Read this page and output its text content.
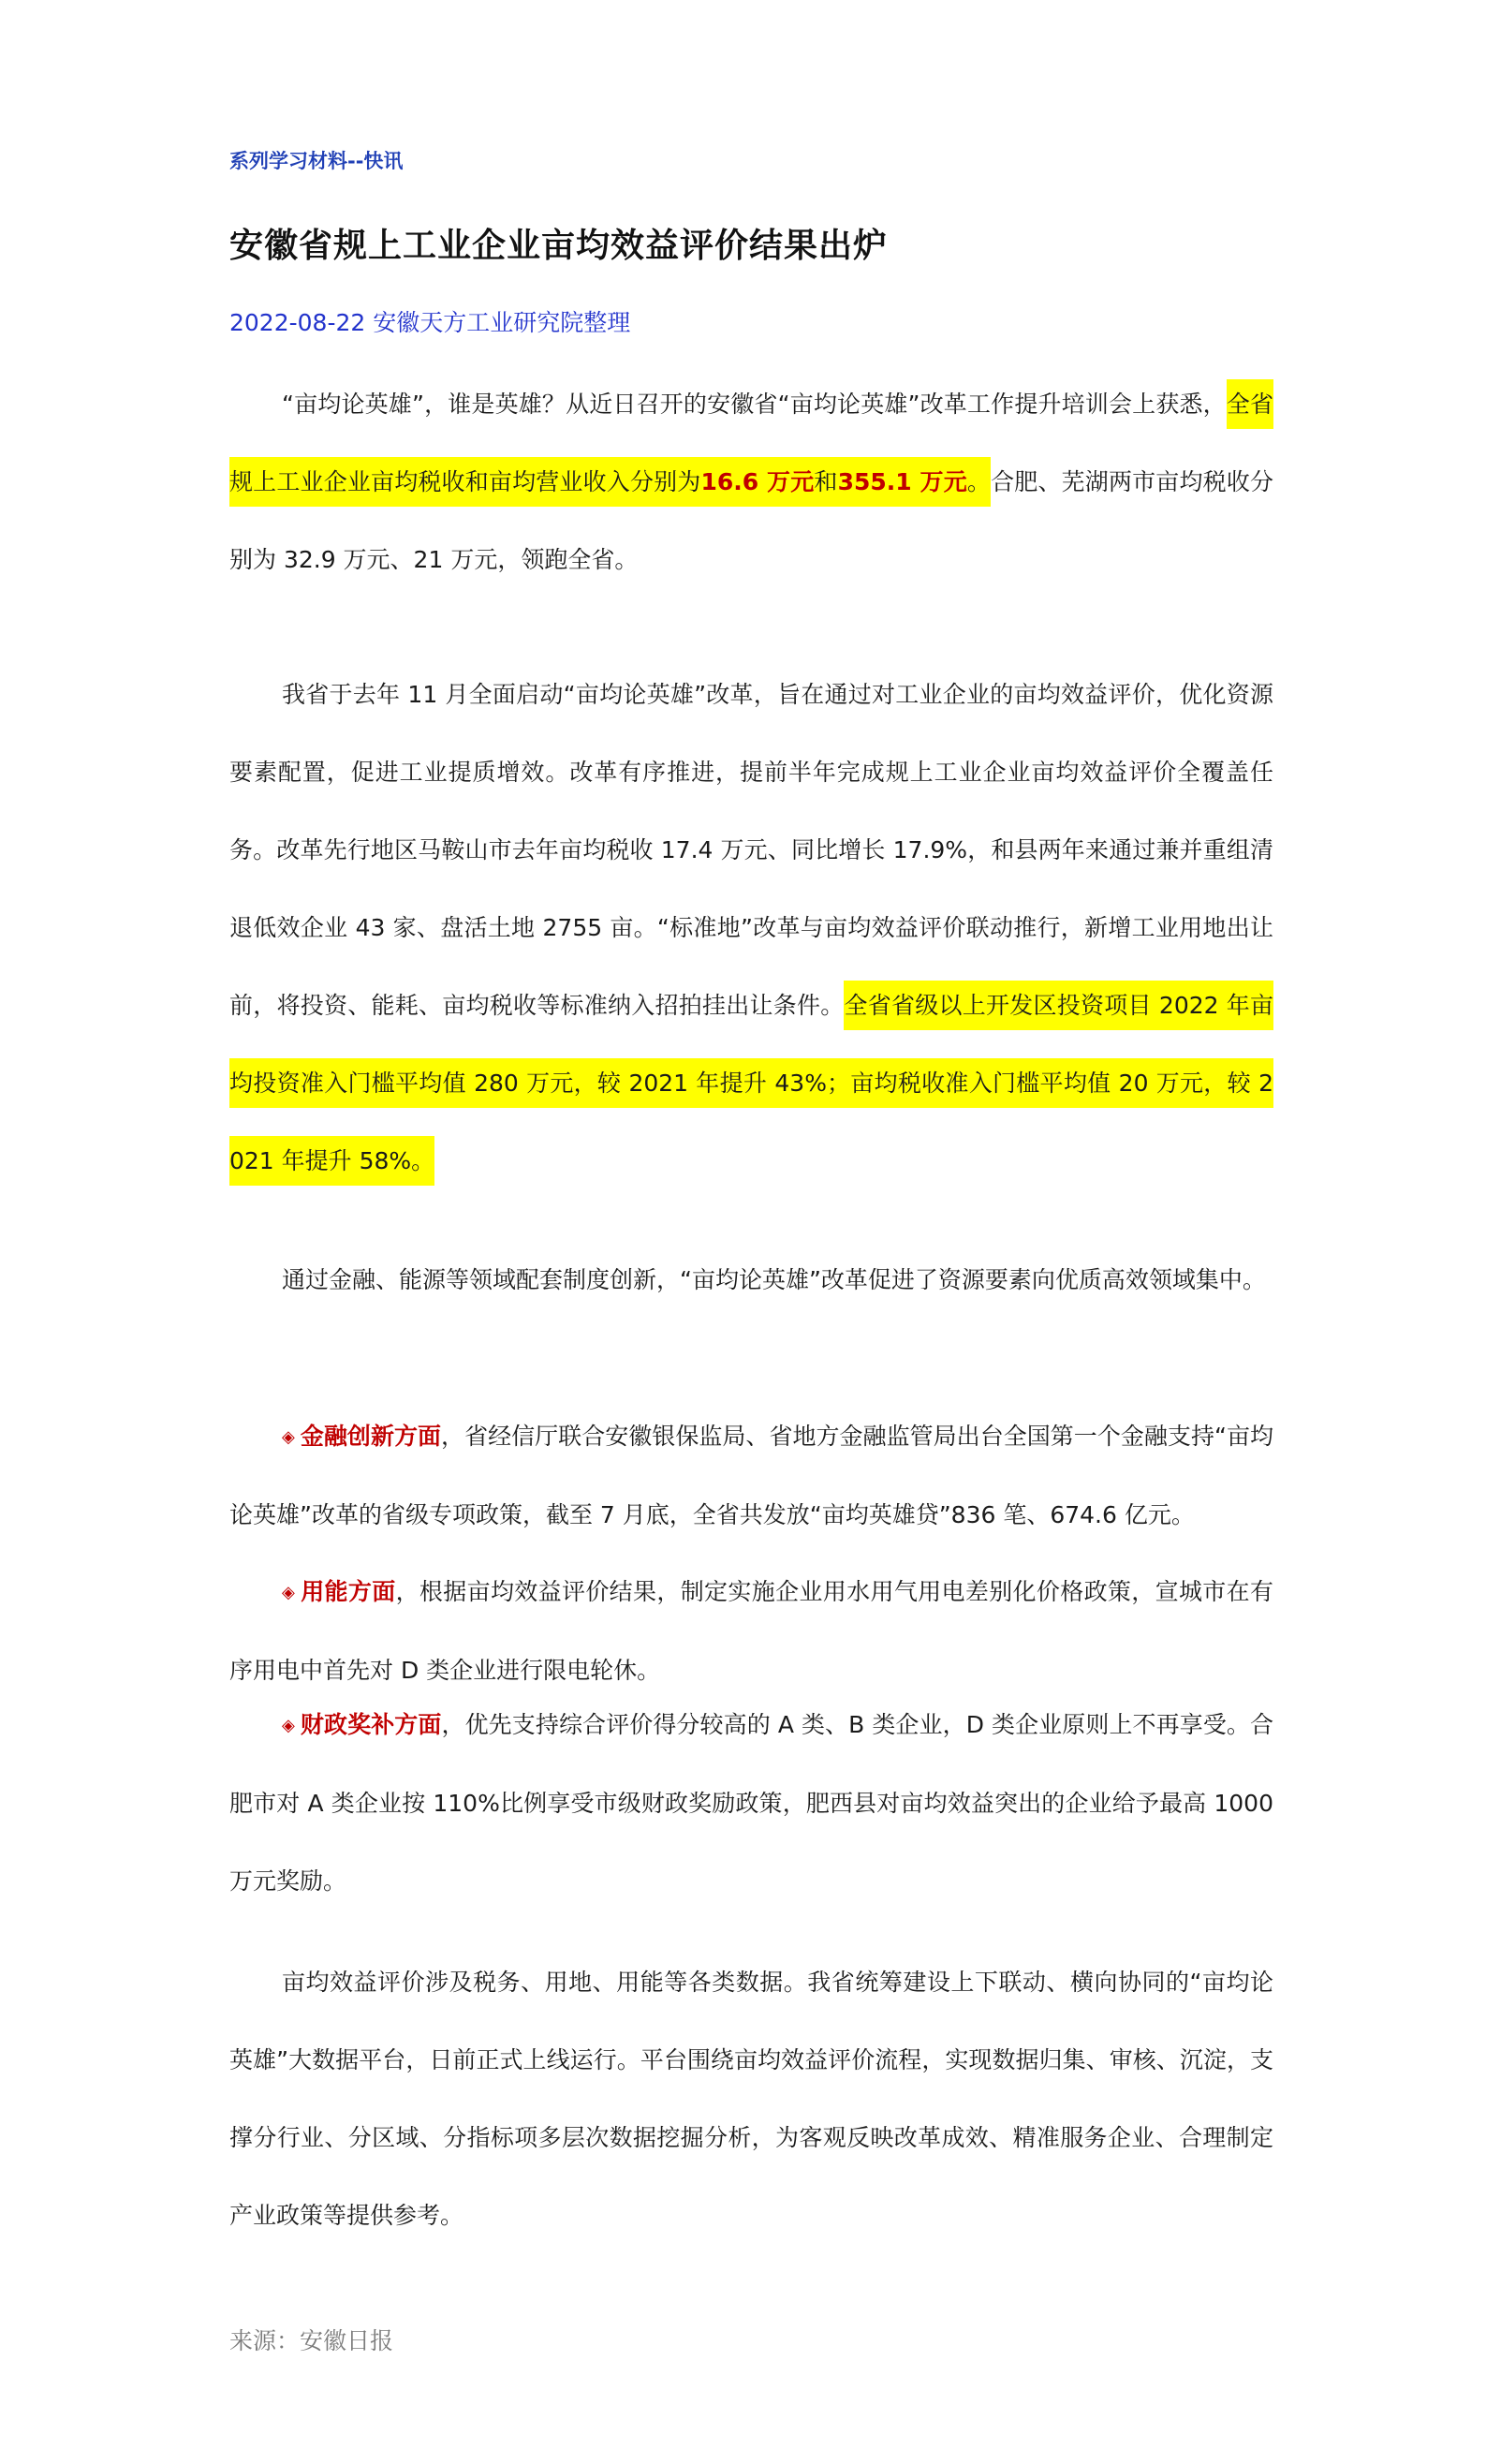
系列学习材料--快讯
安徽省规上工业企业亩均效益评价结果出炉
2022-08-22 安徽天方工业研究院整理

“亩均论英雄”，谁是英雄？从近日召开的安徽省“亩均论英雄”改革工作提升培训会上获悉，全省规上工业企业亩均税收和亩均营业收入分别为16.6 万元和355.1 万元。合肥、芜湖两市亩均税收分别为 32.9 万元、21 万元，领跑全省。

我省于去年 11 月全面启动“亩均论英雄”改革，旨在通过对工业企业的亩均效益评价，优化资源要素配置，促进工业提质增效。改革有序推进，提前半年完成规上工业企业亩均效益评价全覆盖任务。改革先行地区马鞍山市去年亩均税收 17.4 万元、同比增长 17.9%，和县两年来通过兼并重组清退低效企业 43 家、盘活土地 2755 亩。“标准地”改革与亩均效益评价联动推行，新增工业用地出让前，将投资、能耗、亩均税收等标准纳入招拍挂出让条件。全省省级以上开发区投资项目 2022 年亩均投资准入门槛平均值 280 万元，较 2021 年提升 43%；亩均税收准入门槛平均值 20 万元，较 2021 年提升 58%。

通过金融、能源等领域配套制度创新，“亩均论英雄”改革促进了资源要素向优质高效领域集中。

◈ 金融创新方面，省经信厅联合安徽银保监局、省地方金融监管局出台全国第一个金融支持“亩均论英雄”改革的省级专项政策，截至 7 月底，全省共发放“亩均英雄贷”836 笔、674.6 亿元。

◈ 用能方面，根据亩均效益评价结果，制定实施企业用水用气用电差别化价格政策，宣城市在有序用电中首先对 D 类企业进行限电轮休。

◈ 财政奖补方面，优先支持综合评价得分较高的 A 类、B 类企业，D 类企业原则上不再享受。合肥市对 A 类企业按 110%比例享受市级财政奖励政策，肥西县对亩均效益突出的企业给予最高 1000 万元奖励。

亩均效益评价涉及税务、用地、用能等各类数据。我省统筹建设上下联动、横向协同的“亩均论英雄”大数据平台，日前正式上线运行。平台围绕亩均效益评价流程，实现数据归集、审核、沉淀，支撑分行业、分区域、分指标项多层次数据挖掘分析，为客观反映改革成效、精准服务企业、合理制定产业政策等提供参考。

来源：安徽日报
